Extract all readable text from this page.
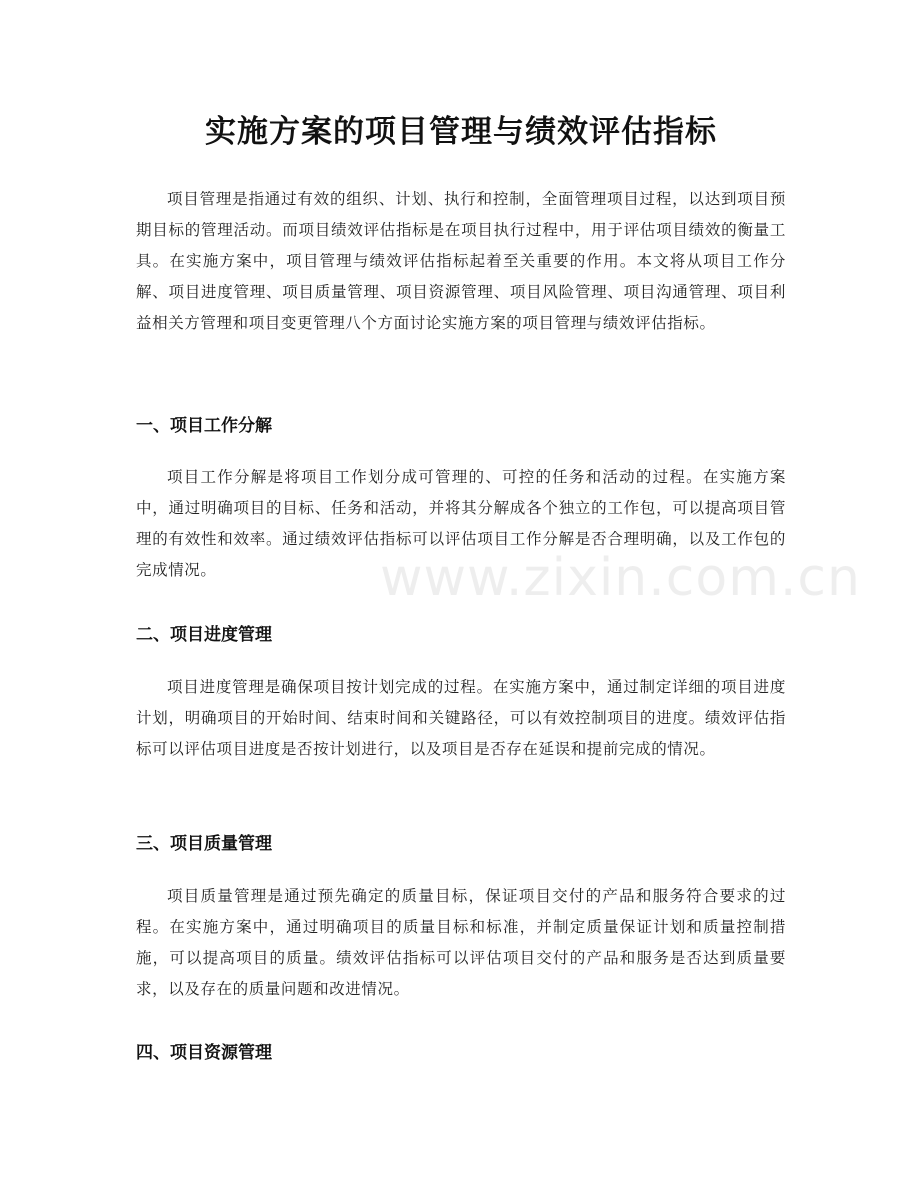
实施方案的项目管理与绩效评估指标

项目管理是指通过有效的组织、计划、执行和控制，全面管理项目过程，以达到项目预期目标的管理活动。而项目绩效评估指标是在项目执行过程中，用于评估项目绩效的衡量工具。在实施方案中，项目管理与绩效评估指标起着至关重要的作用。本文将从项目工作分解、项目进度管理、项目质量管理、项目资源管理、项目风险管理、项目沟通管理、项目利益相关方管理和项目变更管理八个方面讨论实施方案的项目管理与绩效评估指标。

一、项目工作分解

项目工作分解是将项目工作划分成可管理的、可控的任务和活动的过程。在实施方案中，通过明确项目的目标、任务和活动，并将其分解成各个独立的工作包，可以提高项目管理的有效性和效率。通过绩效评估指标可以评估项目工作分解是否合理明确，以及工作包的完成情况。

二、项目进度管理

项目进度管理是确保项目按计划完成的过程。在实施方案中，通过制定详细的项目进度计划，明确项目的开始时间、结束时间和关键路径，可以有效控制项目的进度。绩效评估指标可以评估项目进度是否按计划进行，以及项目是否存在延误和提前完成的情况。

三、项目质量管理

项目质量管理是通过预先确定的质量目标，保证项目交付的产品和服务符合要求的过程。在实施方案中，通过明确项目的质量目标和标准，并制定质量保证计划和质量控制措施，可以提高项目的质量。绩效评估指标可以评估项目交付的产品和服务是否达到质量要求，以及存在的质量问题和改进情况。

四、项目资源管理
www.zixin.com.cn
